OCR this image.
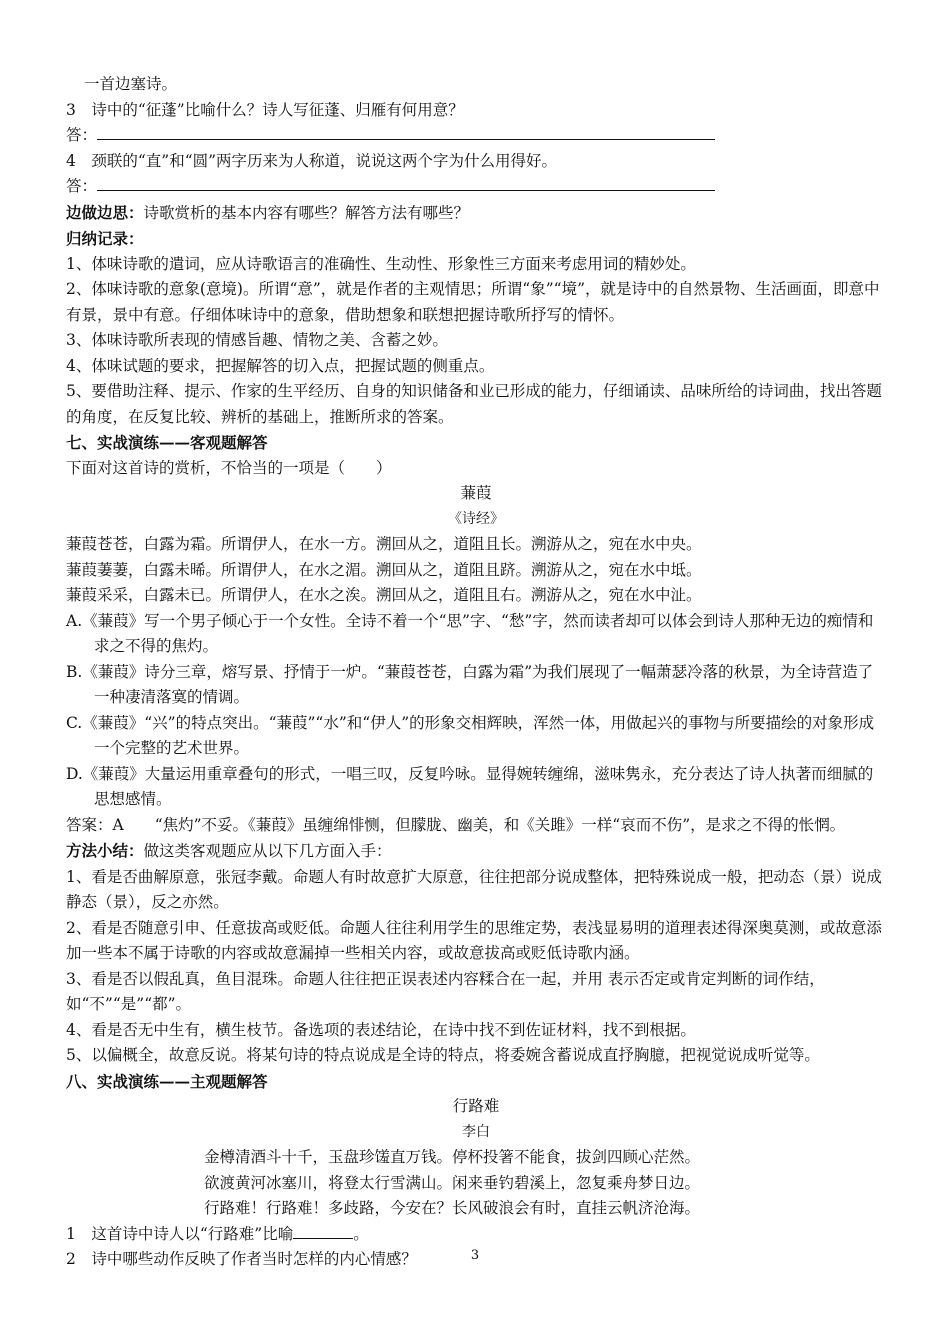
一首边塞诗。

3　诗中的“征蓬”比喻什么？诗人写征蓬、归雁有何用意？

答：

4　颈联的“直”和“圆”两字历来为人称道，说说这两个字为什么用得好。

答：

边做边思：诗歌赏析的基本内容有哪些？解答方法有哪些？

归纳记录：

1、体味诗歌的遣词，应从诗歌语言的准确性、生动性、形象性三方面来考虑用词的精妙处。

2、体味诗歌的意象(意境)。所谓“意”，就是作者的主观情思；所谓“象”“境”，就是诗中的自然景物、生活画面，即意中有景，景中有意。仔细体味诗中的意象，借助想象和联想把握诗歌所抒写的情怀。

3、体味诗歌所表现的情感旨趣、情物之美、含蓄之妙。

4、体味试题的要求，把握解答的切入点，把握试题的侧重点。

5、要借助注释、提示、作家的生平经历、自身的知识储备和业已形成的能力，仔细诵读、品味所给的诗词曲，找出答题的角度，在反复比较、辨析的基础上，推断所求的答案。

七、实战演练——客观题解答

下面对这首诗的赏析，不恰当的一项是（　　）

蒹葭

《诗经》

蒹葭苍苍，白露为霜。所谓伊人，在水一方。溯回从之，道阻且长。溯游从之，宛在水中央。

蒹葭萋萋，白露未晞。所谓伊人，在水之湄。溯回从之，道阻且跻。溯游从之，宛在水中坻。

蒹葭采采，白露未已。所谓伊人，在水之涘。溯回从之，道阻且右。溯游从之，宛在水中沚。

A.《蒹葭》写一个男子倾心于一个女性。全诗不着一个“思”字、“愁”字，然而读者却可以体会到诗人那种无边的痴情和求之不得的焦灼。

B.《蒹葭》诗分三章，熔写景、抒情于一炉。“蒹葭苍苍，白露为霜”为我们展现了一幅萧瑟冷落的秋景，为全诗营造了一种凄清落寞的情调。

C.《蒹葭》“兴”的特点突出。“蒹葭”“水”和“伊人”的形象交相辉映，浑然一体，用做起兴的事物与所要描绘的对象形成一个完整的艺术世界。

D.《蒹葭》大量运用重章叠句的形式，一唱三叹，反复吟咏。显得婉转缠绵，滋味隽永，充分表达了诗人执著而细腻的思想感情。

答案：A　　“焦灼”不妥。《蒹葭》虽缠绵悱恻，但朦胧、幽美，和《关雎》一样“哀而不伤”，是求之不得的怅惘。

方法小结：做这类客观题应从以下几方面入手：

1、看是否曲解原意，张冠李戴。命题人有时故意扩大原意，往往把部分说成整体，把特殊说成一般，把动态（景）说成静态（景），反之亦然。

2、看是否随意引申、任意拔高或贬低。命题人往往利用学生的思维定势，表浅显易明的道理表述得深奥莫测，或故意添加一些本不属于诗歌的内容或故意漏掉一些相关内容，或故意拔高或贬低诗歌内涵。

3、看是否以假乱真，鱼目混珠。命题人往往把正误表述内容糅合在一起，并用 表示否定或肯定判断的词作结，如“不”“是”“都”。

4、看是否无中生有，横生枝节。备选项的表述结论，在诗中找不到佐证材料，找不到根据。

5、以偏概全，故意反说。将某句诗的特点说成是全诗的特点，将委婉含蓄说成直抒胸臆，把视觉说成听觉等。

八、实战演练——主观题解答

行路难

李白

金樽清酒斗十千，玉盘珍馐直万钱。停杯投箸不能食，拔剑四顾心茫然。

欲渡黄河冰塞川，将登太行雪满山。闲来垂钓碧溪上，忽复乘舟梦日边。

行路难！行路难！多歧路，今安在？长风破浪会有时，直挂云帆济沧海。

1　这首诗中诗人以“行路难”比喻	。

2　诗中哪些动作反映了作者当时怎样的内心情感？	3
